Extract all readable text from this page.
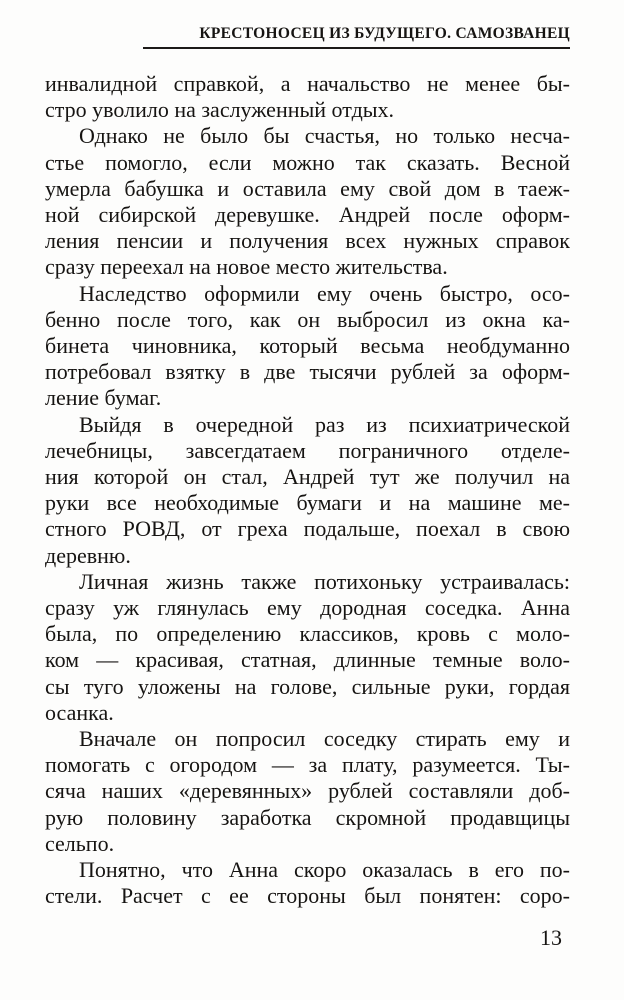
КРЕСТОНОСЕЦ ИЗ БУДУЩЕГО. САМОЗВАНЕЦ
инвалидной справкой, а начальство не менее бы-
стро уволило на заслуженный отдых.
Однако не было бы счастья, но только несча-
стье помогло, если можно так сказать. Весной
умерла бабушка и оставила ему свой дом в таеж-
ной сибирской деревушке. Андрей после оформ-
ления пенсии и получения всех нужных справок
сразу переехал на новое место жительства.
Наследство оформили ему очень быстро, осо-
бенно после того, как он выбросил из окна ка-
бинета чиновника, который весьма необдуманно
потребовал взятку в две тысячи рублей за оформ-
ление бумаг.
Выйдя в очередной раз из психиатрической
лечебницы, завсегдатаем пограничного отделе-
ния которой он стал, Андрей тут же получил на
руки все необходимые бумаги и на машине ме-
стного РОВД, от греха подальше, поехал в свою
деревню.
Личная жизнь также потихоньку устраивалась:
сразу уж глянулась ему дородная соседка. Анна
была, по определению классиков, кровь с моло-
ком — красивая, статная, длинные темные воло-
сы туго уложены на голове, сильные руки, гордая
осанка.
Вначале он попросил соседку стирать ему и
помогать с огородом — за плату, разумеется. Ты-
сяча наших «деревянных» рублей составляли доб-
рую половину заработка скромной продавщицы
сельпо.
Понятно, что Анна скоро оказалась в его по-
стели. Расчет с ее стороны был понятен: соро-
13
